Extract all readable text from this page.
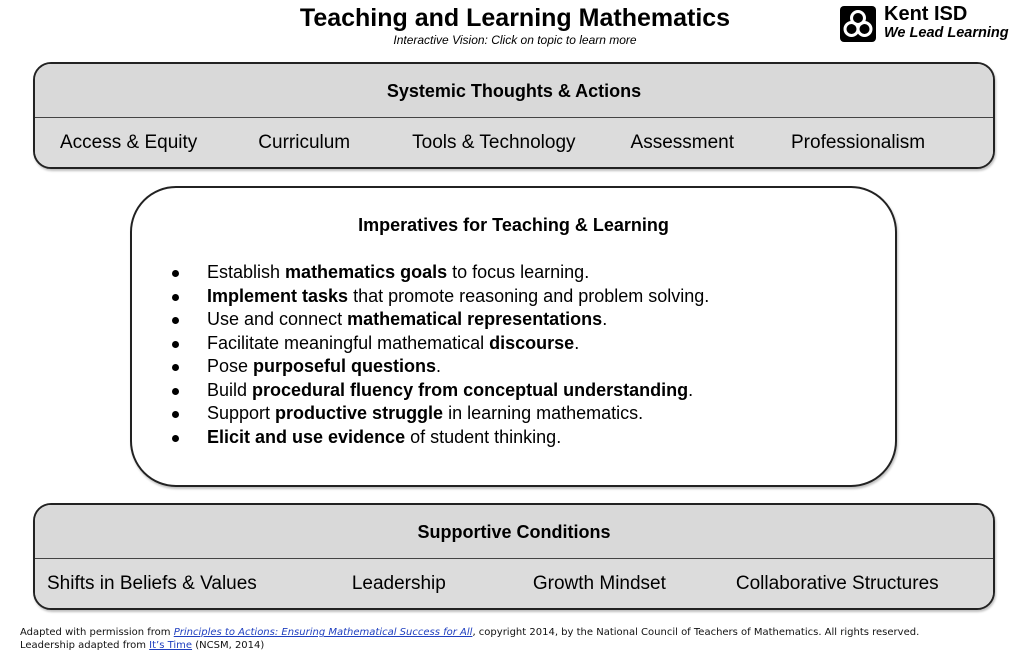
Teaching and Learning Mathematics
Interactive Vision: Click on topic to learn more
Kent ISD
We Lead Learning
Systemic Thoughts & Actions
Access & Equity	Curriculum	Tools & Technology	Assessment	Professionalism
Imperatives for Teaching & Learning
Establish mathematics goals to focus learning.
Implement tasks that promote reasoning and problem solving.
Use and connect mathematical representations.
Facilitate meaningful mathematical discourse.
Pose purposeful questions.
Build procedural fluency from conceptual understanding.
Support productive struggle in learning mathematics.
Elicit and use evidence of student thinking.
Supportive Conditions
Shifts in Beliefs & Values	Leadership	Growth Mindset	Collaborative Structures
Adapted with permission from Principles to Actions: Ensuring Mathematical Success for All, copyright 2014, by the National Council of Teachers of Mathematics. All rights reserved.
Leadership adapted from It’s Time (NCSM, 2014)
